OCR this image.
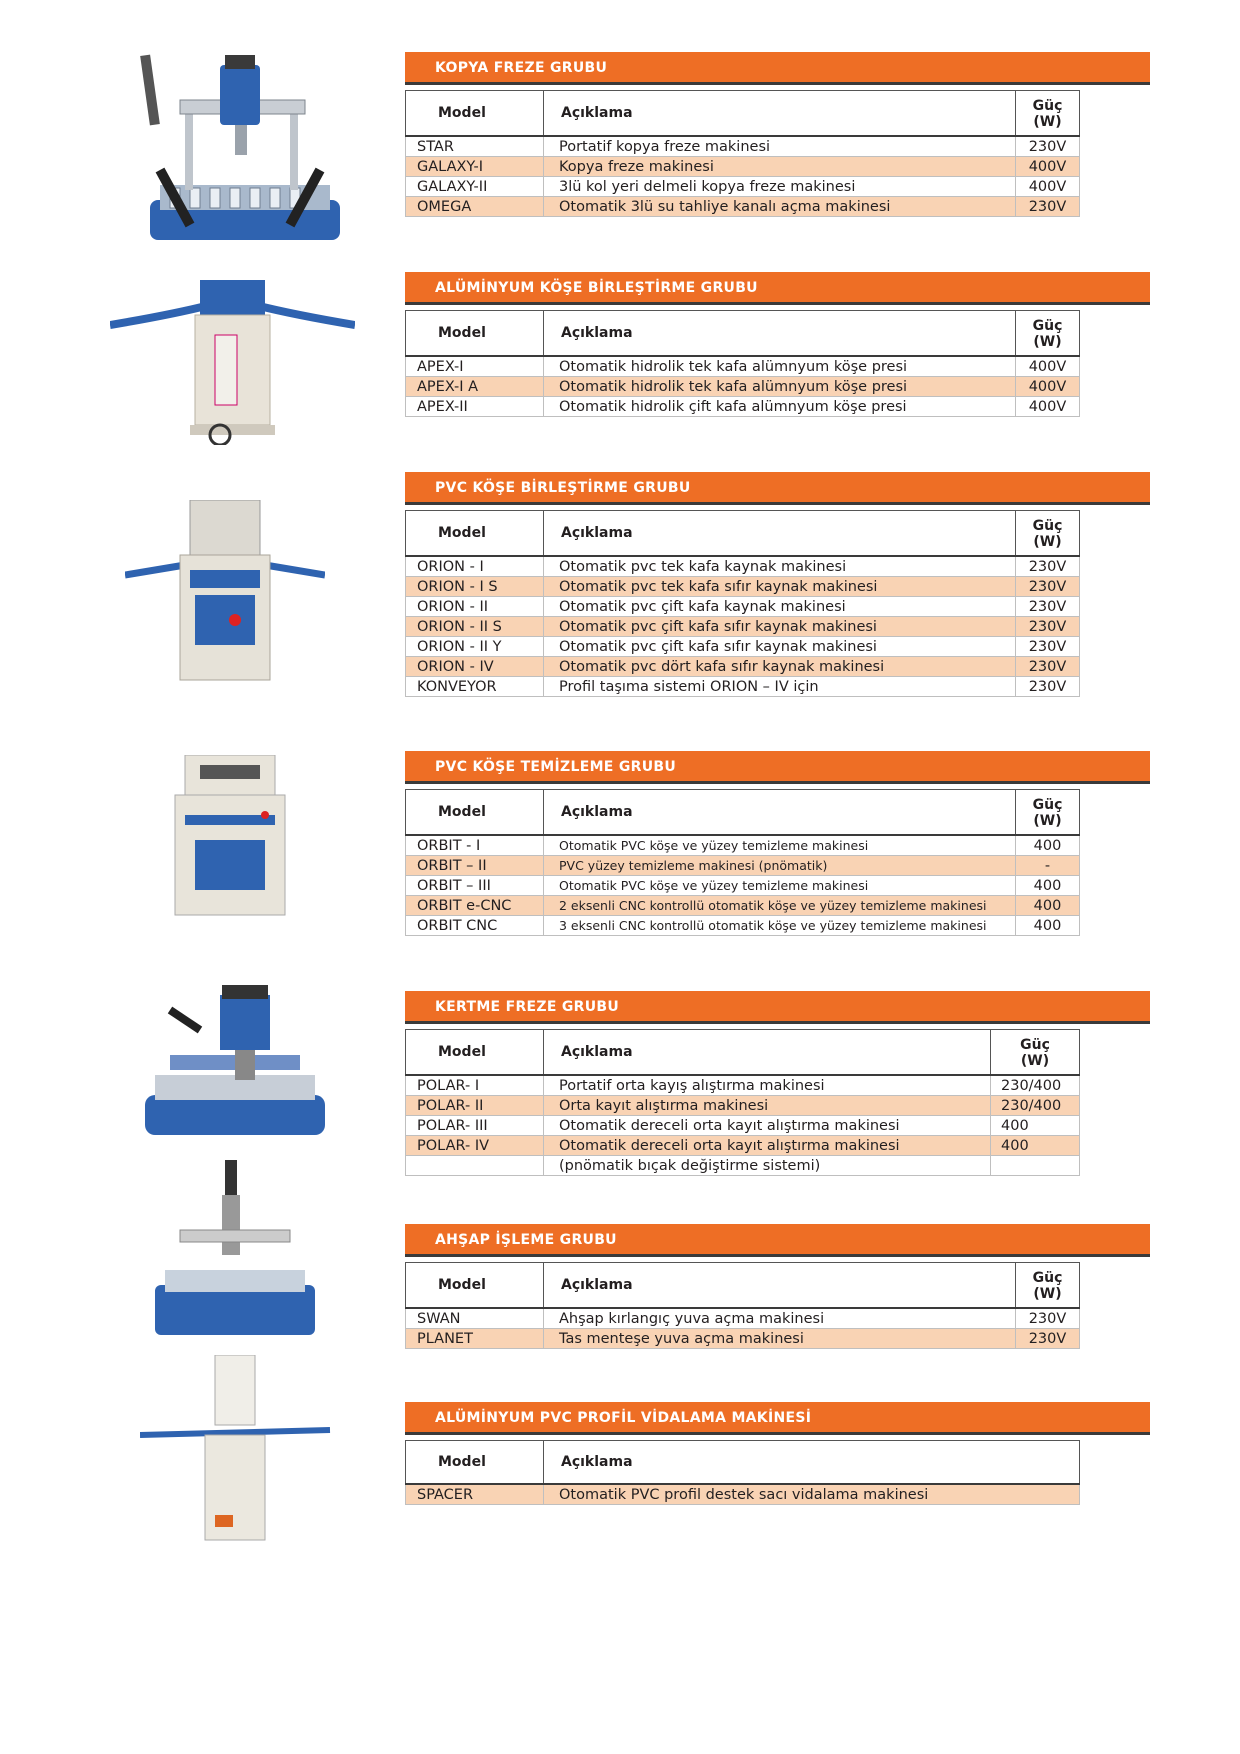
KOPYA FREZE GRUBU
Model	Açıklama	Güç
(W)
STAR	Portatif kopya freze makinesi	230V
GALAXY-I	Kopya freze makinesi	400V
GALAXY-II	3lü kol yeri delmeli kopya freze makinesi	400V
OMEGA	Otomatik 3lü su tahliye kanalı açma makinesi	230V
ALÜMİNYUM KÖŞE BİRLEŞTİRME GRUBU
Model	Açıklama	Güç
(W)
APEX-I	Otomatik hidrolik tek kafa alümnyum köşe presi	400V
APEX-I A	Otomatik hidrolik tek kafa alümnyum köşe presi	400V
APEX-II	Otomatik hidrolik çift kafa alümnyum köşe presi	400V
PVC KÖŞE BİRLEŞTİRME GRUBU
Model	Açıklama	Güç
(W)
ORION - I	Otomatik pvc tek kafa kaynak makinesi	230V
ORION - I S	Otomatik pvc tek kafa sıfır kaynak makinesi	230V
ORION - II	Otomatik pvc çift kafa kaynak makinesi	230V
ORION - II S	Otomatik pvc çift kafa sıfır kaynak makinesi	230V
ORION - II Y	Otomatik pvc çift kafa sıfır kaynak makinesi	230V
ORION - IV	Otomatik pvc dört kafa sıfır kaynak makinesi	230V
KONVEYOR	Profil taşıma sistemi ORION – IV için	230V
PVC KÖŞE TEMİZLEME GRUBU
Model	Açıklama	Güç
(W)
ORBIT - I	Otomatik PVC köşe ve yüzey temizleme makinesi	400
ORBIT – II	PVC yüzey temizleme makinesi (pnömatik)	-
ORBIT – III	Otomatik PVC köşe ve yüzey temizleme makinesi	400
ORBIT e-CNC	2 eksenli CNC kontrollü otomatik köşe ve yüzey temizleme makinesi	400
ORBIT CNC	3 eksenli CNC kontrollü otomatik köşe ve yüzey temizleme makinesi	400
KERTME FREZE GRUBU
Model	Açıklama	Güç
(W)
POLAR- I	Portatif orta kayış alıştırma makinesi	230/400
POLAR- II	Orta kayıt alıştırma makinesi	230/400
POLAR- III	Otomatik dereceli orta kayıt alıştırma makinesi	400
POLAR- IV	Otomatik dereceli orta kayıt alıştırma makinesi	400
	(pnömatik bıçak değiştirme sistemi)	
AHŞAP İŞLEME GRUBU
Model	Açıklama	Güç
(W)
SWAN	Ahşap kırlangıç yuva açma makinesi	230V
PLANET	Tas menteşe yuva açma makinesi	230V
ALÜMİNYUM PVC PROFİL VİDALAMA MAKİNESİ
Model	Açıklama
SPACER	Otomatik PVC profil destek sacı vidalama makinesi
